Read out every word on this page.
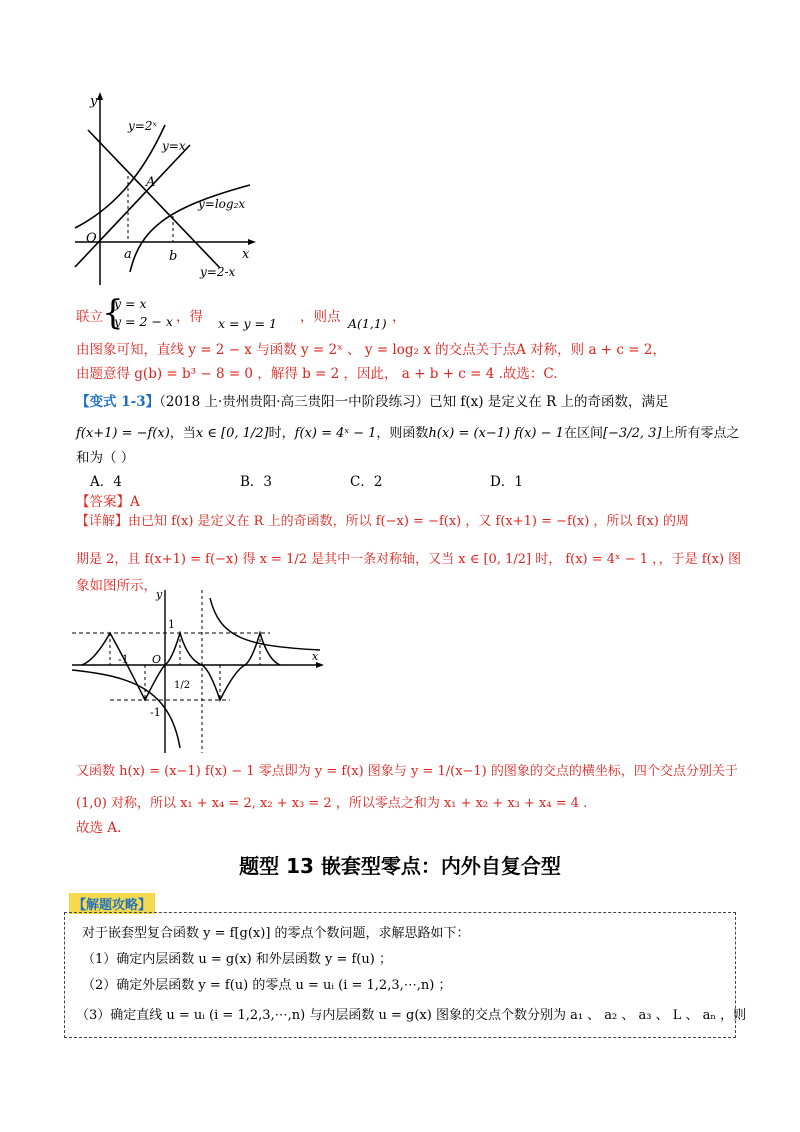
y
x
O
y=2ˣ
y=x
A
y=log₂x
a	b
y=2-x
联立 {
y = x
y = 2 − x ，得 x = y = 1 ，则点 A(1,1) ，
由图象可知，直线 y = 2 − x 与函数 y = 2ˣ 、 y = log₂ x 的交点关于点A 对称，则 a + c = 2，
由题意得 g(b) = b³ − 8 = 0 ，解得 b = 2 ，因此， a + b + c = 4 .故选：C.
【变式 1-3】（2018 上·贵州贵阳·高三贵阳一中阶段练习）已知 f(x) 是定义在 R 上的奇函数，满足
f(x+1) = −f(x)，当x ∈ [0, 1/2]时，f(x) = 4ˣ − 1，则函数h(x) = (x−1) f(x) − 1在区间[−3/2, 3]上所有零点之
和为（ ）
A．4	B．3	C．2	D．1
【答案】A
【详解】由已知 f(x) 是定义在 R 上的奇函数，所以 f(−x) = −f(x) ，又 f(x+1) = −f(x) ，所以 f(x) 的周
期是 2，且 f(x+1) = f(−x) 得 x = 1/2 是其中一条对称轴，又当 x ∈ [0, 1/2] 时， f(x) = 4ˣ − 1 ，，于是 f(x) 图
象如图所示，
y
x
O
1
-1
-1
1/2
又函数 h(x) = (x−1) f(x) − 1 零点即为 y = f(x) 图象与 y = 1/(x−1) 的图象的交点的横坐标，四个交点分别关于
(1,0) 对称，所以 x₁ + x₄ = 2, x₂ + x₃ = 2 ，所以零点之和为 x₁ + x₂ + x₃ + x₄ = 4 .
故选 A.
题型 13 嵌套型零点：内外自复合型
【解题攻略】
对于嵌套型复合函数 y = f[g(x)] 的零点个数问题，求解思路如下：
（1）确定内层函数 u = g(x) 和外层函数 y = f(u) ；
（2）确定外层函数 y = f(u) 的零点 u = uᵢ (i = 1,2,3,⋯,n) ；
（3）确定直线 u = uᵢ (i = 1,2,3,⋯,n) 与内层函数 u = g(x) 图象的交点个数分别为 a₁ 、 a₂ 、 a₃ 、 L 、 aₙ ，则
